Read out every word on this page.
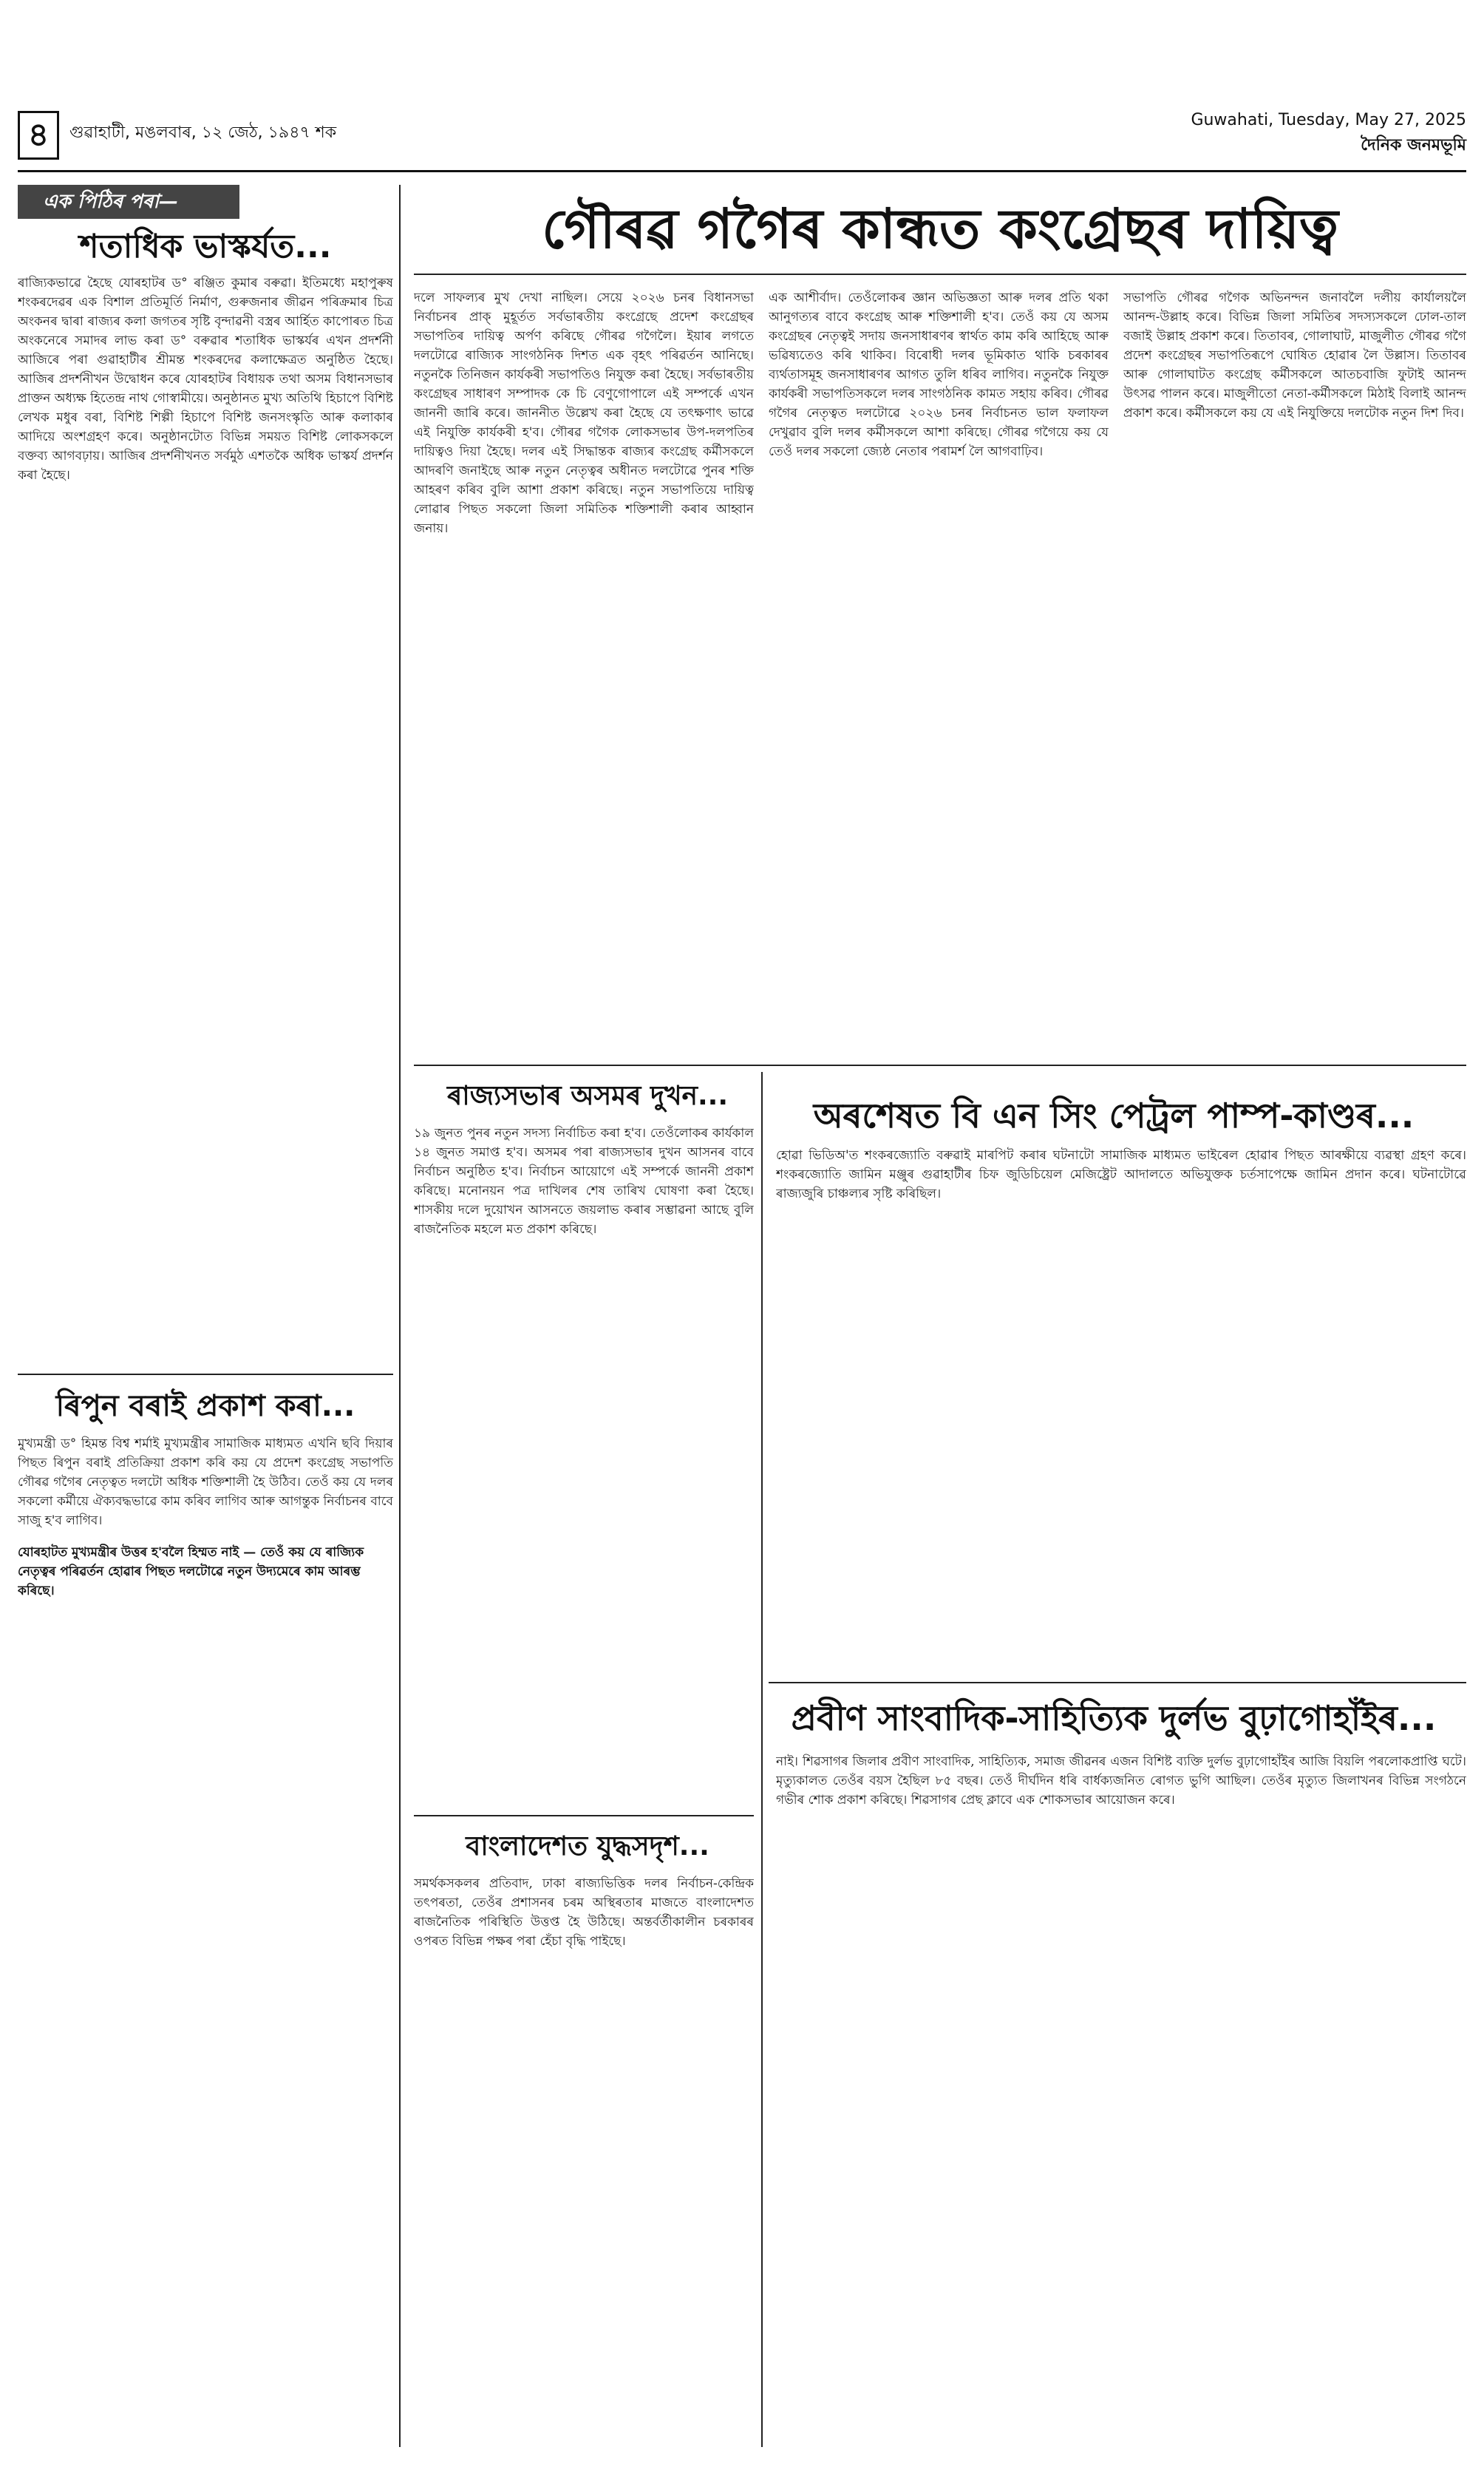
৪	গুৱাহাটী, মঙলবাৰ, ১২ জেঠ, ১৯৪৭ শক
Guwahati, Tuesday, May 27, 2025
দৈনিক জনমভূমি
এক পিঠিৰ পৰা—
শতাধিক ভাস্কৰ্যত...

ৰাজ্যিকভাৱে হৈছে যোৰহাটৰ ড° ৰঞ্জিত কুমাৰ বৰুৱা। ইতিমধ্যে মহাপুৰুষ শংকৰদেৱৰ এক বিশাল প্ৰতিমূৰ্তি নিৰ্মাণ, গুৰুজনাৰ জীৱন পৰিক্ৰমাৰ চিত্ৰ অংকনৰ দ্বাৰা ৰাজ্যৰ কলা জগতৰ সৃষ্টি বৃন্দাৱনী বস্ত্ৰৰ আৰ্হিত কাপোৰত চিত্ৰ অংকনেৰে সমাদৰ লাভ কৰা ড° বৰুৱাৰ শতাধিক ভাস্কৰ্যৰ এখন প্ৰদৰ্শনী আজিৰে পৰা গুৱাহাটীৰ শ্ৰীমন্ত শংকৰদেৱ কলাক্ষেত্ৰত অনুষ্ঠিত হৈছে। আজিৰ প্ৰদৰ্শনীখন উদ্বোধন কৰে যোৰহাটৰ বিধায়ক তথা অসম বিধানসভাৰ প্ৰাক্তন অধ্যক্ষ হিতেন্দ্ৰ নাথ গোস্বামীয়ে। অনুষ্ঠানত মুখ্য অতিথি হিচাপে বিশিষ্ট লেখক মধুৰ বৰা, বিশিষ্ট শিল্পী হিচাপে বিশিষ্ট জনসংস্কৃতি আৰু কলাকাৰ আদিয়ে অংশগ্ৰহণ কৰে। অনুষ্ঠানটোত বিভিন্ন সময়ত বিশিষ্ট লোকসকলে বক্তব্য আগবঢ়ায়। আজিৰ প্ৰদৰ্শনীখনত সৰ্বমুঠ এশতকৈ অধিক ভাস্কৰ্য প্ৰদৰ্শন কৰা হৈছে।

ৰিপুন বৰাই প্ৰকাশ কৰা...

মুখ্যমন্ত্ৰী ড° হিমন্ত বিশ্ব শৰ্মাই মুখ্যমন্ত্ৰীৰ সামাজিক মাধ্যমত এখনি ছবি দিয়াৰ পিছত ৰিপুন বৰাই প্ৰতিক্ৰিয়া প্ৰকাশ কৰি কয় যে প্ৰদেশ কংগ্ৰেছ সভাপতি গৌৰৱ গগৈৰ নেতৃত্বত দলটো অধিক শক্তিশালী হৈ উঠিব। তেওঁ কয় যে দলৰ সকলো কৰ্মীয়ে ঐক্যবদ্ধভাৱে কাম কৰিব লাগিব আৰু আগন্তুক নিৰ্বাচনৰ বাবে সাজু হ'ব লাগিব।

যোৰহাটত মুখ্যমন্ত্ৰীৰ উত্তৰ হ'বলৈ হিম্মত নাই — তেওঁ কয় যে ৰাজ্যিক নেতৃত্বৰ পৰিৱৰ্তন হোৱাৰ পিছত দলটোৱে নতুন উদ্যমেৰে কাম আৰম্ভ কৰিছে।

গৌৰৱ গগৈৰ কান্ধত কংগ্ৰেছৰ দায়িত্ব

দলে সাফল্যৰ মুখ দেখা নাছিল। সেয়ে ২০২৬ চনৰ বিধানসভা নিৰ্বাচনৰ প্ৰাক্‌ মুহূৰ্তত সৰ্বভাৰতীয় কংগ্ৰেছে প্ৰদেশ কংগ্ৰেছৰ সভাপতিৰ দায়িত্ব অৰ্পণ কৰিছে গৌৰৱ গগৈলৈ। ইয়াৰ লগতে দলটোৱে ৰাজ্যিক সাংগঠনিক দিশত এক বৃহৎ পৰিৱৰ্তন আনিছে। নতুনকৈ তিনিজন কাৰ্যকৰী সভাপতিও নিযুক্ত কৰা হৈছে। সৰ্বভাৰতীয় কংগ্ৰেছৰ সাধাৰণ সম্পাদক কে চি বেণুগোপালে এই সম্পৰ্কে এখন জাননী জাৰি কৰে। জাননীত উল্লেখ কৰা হৈছে যে তৎক্ষণাৎ ভাৱে এই নিযুক্তি কাৰ্যকৰী হ'ব। গৌৰৱ গগৈক লোকসভাৰ উপ-দলপতিৰ দায়িত্বও দিয়া হৈছে। দলৰ এই সিদ্ধান্তক ৰাজ্যৰ কংগ্ৰেছ কৰ্মীসকলে আদৰণি জনাইছে আৰু নতুন নেতৃত্বৰ অধীনত দলটোৱে পুনৰ শক্তি আহৰণ কৰিব বুলি আশা প্ৰকাশ কৰিছে। নতুন সভাপতিয়ে দায়িত্ব লোৱাৰ পিছত সকলো জিলা সমিতিক শক্তিশালী কৰাৰ আহ্বান জনায়।

এক আশীৰ্বাদ। তেওঁলোকৰ জ্ঞান অভিজ্ঞতা আৰু দলৰ প্ৰতি থকা আনুগত্যৰ বাবে কংগ্ৰেছ আৰু শক্তিশালী হ'ব। তেওঁ কয় যে অসম কংগ্ৰেছৰ নেতৃত্বই সদায় জনসাধাৰণৰ স্বাৰ্থত কাম কৰি আহিছে আৰু ভৱিষ্যতেও কৰি থাকিব। বিৰোধী দলৰ ভূমিকাত থাকি চৰকাৰৰ ব্যৰ্থতাসমূহ জনসাধাৰণৰ আগত তুলি ধৰিব লাগিব। নতুনকৈ নিযুক্ত কাৰ্যকৰী সভাপতিসকলে দলৰ সাংগঠনিক কামত সহায় কৰিব। গৌৰৱ গগৈৰ নেতৃত্বত দলটোৱে ২০২৬ চনৰ নিৰ্বাচনত ভাল ফলাফল দেখুৱাব বুলি দলৰ কৰ্মীসকলে আশা কৰিছে। গৌৰৱ গগৈয়ে কয় যে তেওঁ দলৰ সকলো জ্যেষ্ঠ নেতাৰ পৰামৰ্শ লৈ আগবাঢ়িব।

সভাপতি গৌৰৱ গগৈক অভিনন্দন জনাবলৈ দলীয় কাৰ্যালয়লৈ আনন্দ-উল্লাহ কৰে। বিভিন্ন জিলা সমিতিৰ সদস্যসকলে ঢোল-তাল বজাই উল্লাহ প্ৰকাশ কৰে। তিতাবৰ, গোলাঘাট, মাজুলীত গৌৰৱ গগৈ প্ৰদেশ কংগ্ৰেছৰ সভাপতিৰূপে ঘোষিত হোৱাৰ লৈ উল্লাস। তিতাবৰ আৰু গোলাঘাটত কংগ্ৰেছ কৰ্মীসকলে আতচবাজি ফুটাই আনন্দ উৎসৱ পালন কৰে। মাজুলীতো নেতা-কৰ্মীসকলে মিঠাই বিলাই আনন্দ প্ৰকাশ কৰে। কৰ্মীসকলে কয় যে এই নিযুক্তিয়ে দলটোক নতুন দিশ দিব।

ৰাজ্যসভাৰ অসমৰ দুখন...

১৯ জুনত পুনৰ নতুন সদস্য নিৰ্বাচিত কৰা হ'ব। তেওঁলোকৰ কাৰ্যকাল ১৪ জুনত সমাপ্ত হ'ব। অসমৰ পৰা ৰাজ্যসভাৰ দুখন আসনৰ বাবে নিৰ্বাচন অনুষ্ঠিত হ'ব। নিৰ্বাচন আয়োগে এই সম্পৰ্কে জাননী প্ৰকাশ কৰিছে। মনোনয়ন পত্ৰ দাখিলৰ শেষ তাৰিখ ঘোষণা কৰা হৈছে। শাসকীয় দলে দুয়োখন আসনতে জয়লাভ কৰাৰ সম্ভাৱনা আছে বুলি ৰাজনৈতিক মহলে মত প্ৰকাশ কৰিছে।

বাংলাদেশত যুদ্ধসদৃশ...

সমৰ্থকসকলৰ প্ৰতিবাদ, ঢাকা ৰাজ্যভিত্তিক দলৰ নিৰ্বাচন-কেন্দ্ৰিক তৎপৰতা, তেওঁৰ প্ৰশাসনৰ চৰম অস্থিৰতাৰ মাজতে বাংলাদেশত ৰাজনৈতিক পৰিস্থিতি উত্তপ্ত হৈ উঠিছে। অন্তৰ্বৰ্তীকালীন চৰকাৰৰ ওপৰত বিভিন্ন পক্ষৰ পৰা হেঁচা বৃদ্ধি পাইছে।

অৰশেষত বি এন সিং পেট্ৰল পাম্প-কাণ্ডৰ...

হোৱা ভিডিঅ'ত শংকৰজ্যোতি বৰুৱাই মাৰপিট কৰাৰ ঘটনাটো সামাজিক মাধ্যমত ভাইৰেল হোৱাৰ পিছত আৰক্ষীয়ে ব্যৱস্থা গ্ৰহণ কৰে। শংকৰজ্যোতি জামিন মঞ্জুৰ গুৱাহাটীৰ চিফ জুডিচিয়েল মেজিষ্ট্ৰেট আদালতে অভিযুক্তক চৰ্তসাপেক্ষে জামিন প্ৰদান কৰে। ঘটনাটোৱে ৰাজ্যজুৰি চাঞ্চল্যৰ সৃষ্টি কৰিছিল।

প্ৰবীণ সাংবাদিক-সাহিত্যিক দুৰ্লভ বুঢ়াগোহাঁইৰ...

নাই। শিৱসাগৰ জিলাৰ প্ৰবীণ সাংবাদিক, সাহিত্যিক, সমাজ জীৱনৰ এজন বিশিষ্ট ব্যক্তি দুৰ্লভ বুঢ়াগোহাঁইৰ আজি বিয়লি পৰলোকপ্ৰাপ্তি ঘটে। মৃত্যুকালত তেওঁৰ বয়স হৈছিল ৮৫ বছৰ। তেওঁ দীৰ্ঘদিন ধৰি বাৰ্ধক্যজনিত ৰোগত ভুগি আছিল। তেওঁৰ মৃত্যুত জিলাখনৰ বিভিন্ন সংগঠনে গভীৰ শোক প্ৰকাশ কৰিছে। শিৱসাগৰ প্ৰেছ ক্লাবে এক শোকসভাৰ আয়োজন কৰে।
